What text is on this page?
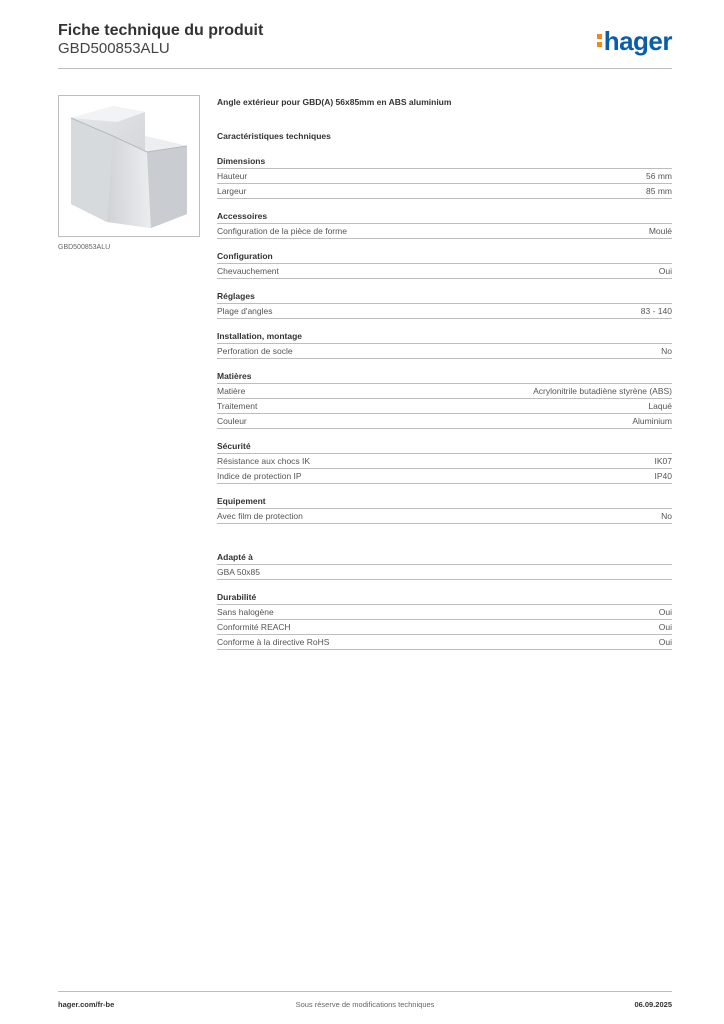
Fiche technique du produit
GBD500853ALU	hager
GBD500853ALU
Angle extérieur pour GBD(A) 56x85mm en ABS aluminium
Caractéristiques techniques
Dimensions
Hauteur	56 mm
Largeur	85 mm
Accessoires
Configuration de la pièce de forme	Moulé
Configuration
Chevauchement	Oui
Réglages
Plage d'angles	83 - 140
Installation, montage
Perforation de socle	No
Matières
Matière	Acrylonitrile butadiène styrène (ABS)
Traitement	Laqué
Couleur	Aluminium
Sécurité
Résistance aux chocs IK	IK07
Indice de protection IP	IP40
Equipement
Avec film de protection	No
Adapté à
GBA 50x85
Durabilité
Sans halogène	Oui
Conformité REACH	Oui
Conforme à la directive RoHS	Oui
hager.com/fr-be	Sous réserve de modifications techniques	06.09.2025
